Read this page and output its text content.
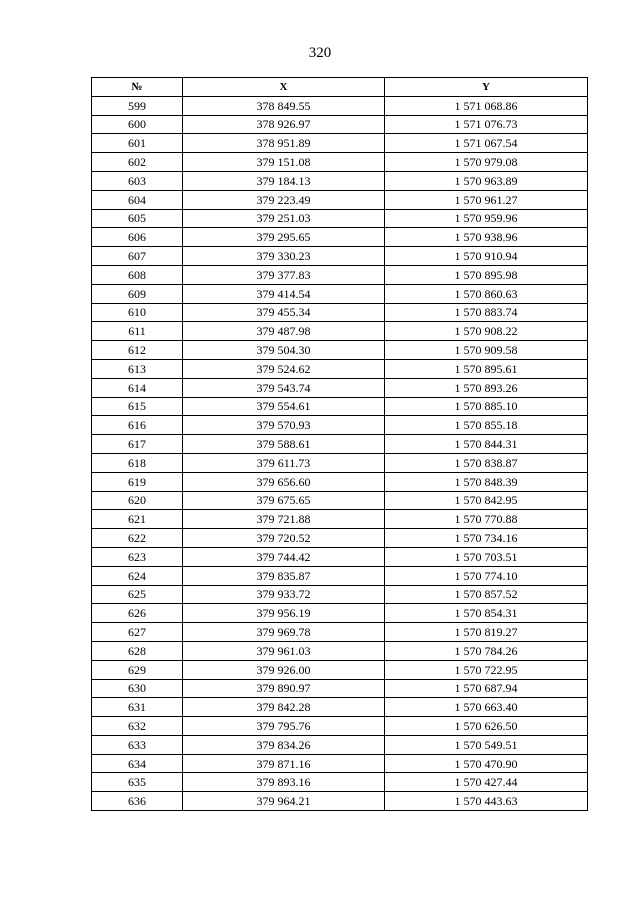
320
№	X	Y
599	378 849.55	1 571 068.86
600	378 926.97	1 571 076.73
601	378 951.89	1 571 067.54
602	379 151.08	1 570 979.08
603	379 184.13	1 570 963.89
604	379 223.49	1 570 961.27
605	379 251.03	1 570 959.96
606	379 295.65	1 570 938.96
607	379 330.23	1 570 910.94
608	379 377.83	1 570 895.98
609	379 414.54	1 570 860.63
610	379 455.34	1 570 883.74
611	379 487.98	1 570 908.22
612	379 504.30	1 570 909.58
613	379 524.62	1 570 895.61
614	379 543.74	1 570 893.26
615	379 554.61	1 570 885.10
616	379 570.93	1 570 855.18
617	379 588.61	1 570 844.31
618	379 611.73	1 570 838.87
619	379 656.60	1 570 848.39
620	379 675.65	1 570 842.95
621	379 721.88	1 570 770.88
622	379 720.52	1 570 734.16
623	379 744.42	1 570 703.51
624	379 835.87	1 570 774.10
625	379 933.72	1 570 857.52
626	379 956.19	1 570 854.31
627	379 969.78	1 570 819.27
628	379 961.03	1 570 784.26
629	379 926.00	1 570 722.95
630	379 890.97	1 570 687.94
631	379 842.28	1 570 663.40
632	379 795.76	1 570 626.50
633	379 834.26	1 570 549.51
634	379 871.16	1 570 470.90
635	379 893.16	1 570 427.44
636	379 964.21	1 570 443.63
